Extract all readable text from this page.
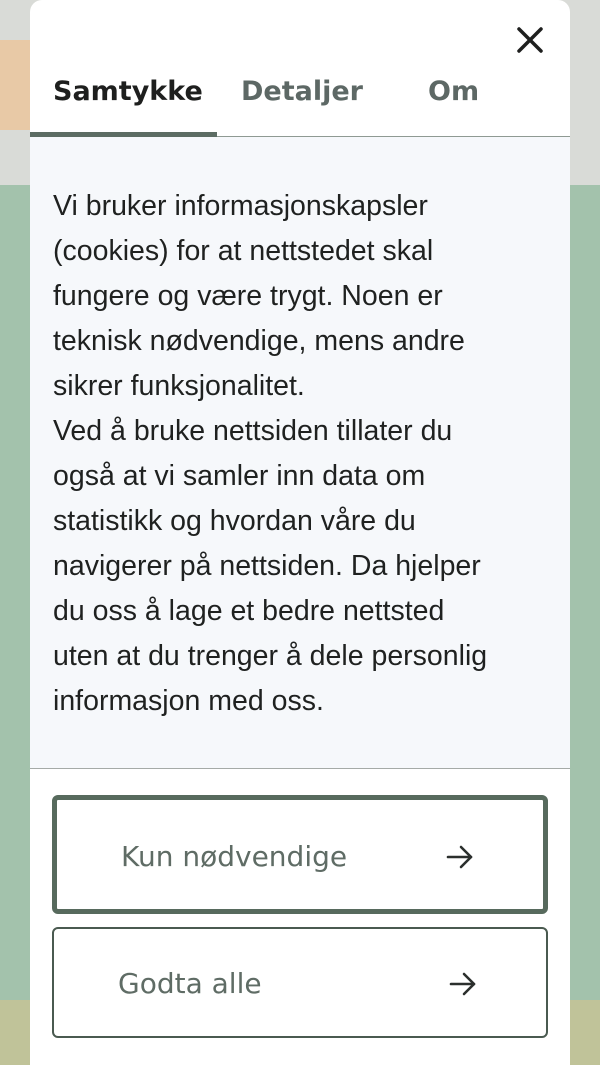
Samtykke Detaljer Om

Vi bruker informasjonskapsler
(cookies) for at nettstedet skal
fungere og være trygt. Noen er
teknisk nødvendige, mens andre
sikrer funksjonalitet.
Ved å bruke nettsiden tillater du
også at vi samler inn data om
statistikk og hvordan våre du
navigerer på nettsiden. Da hjelper
du oss å lage et bedre nettsted
uten at du trenger å dele personlig
informasjon med oss.

Kun nødvendige
Godta alle
